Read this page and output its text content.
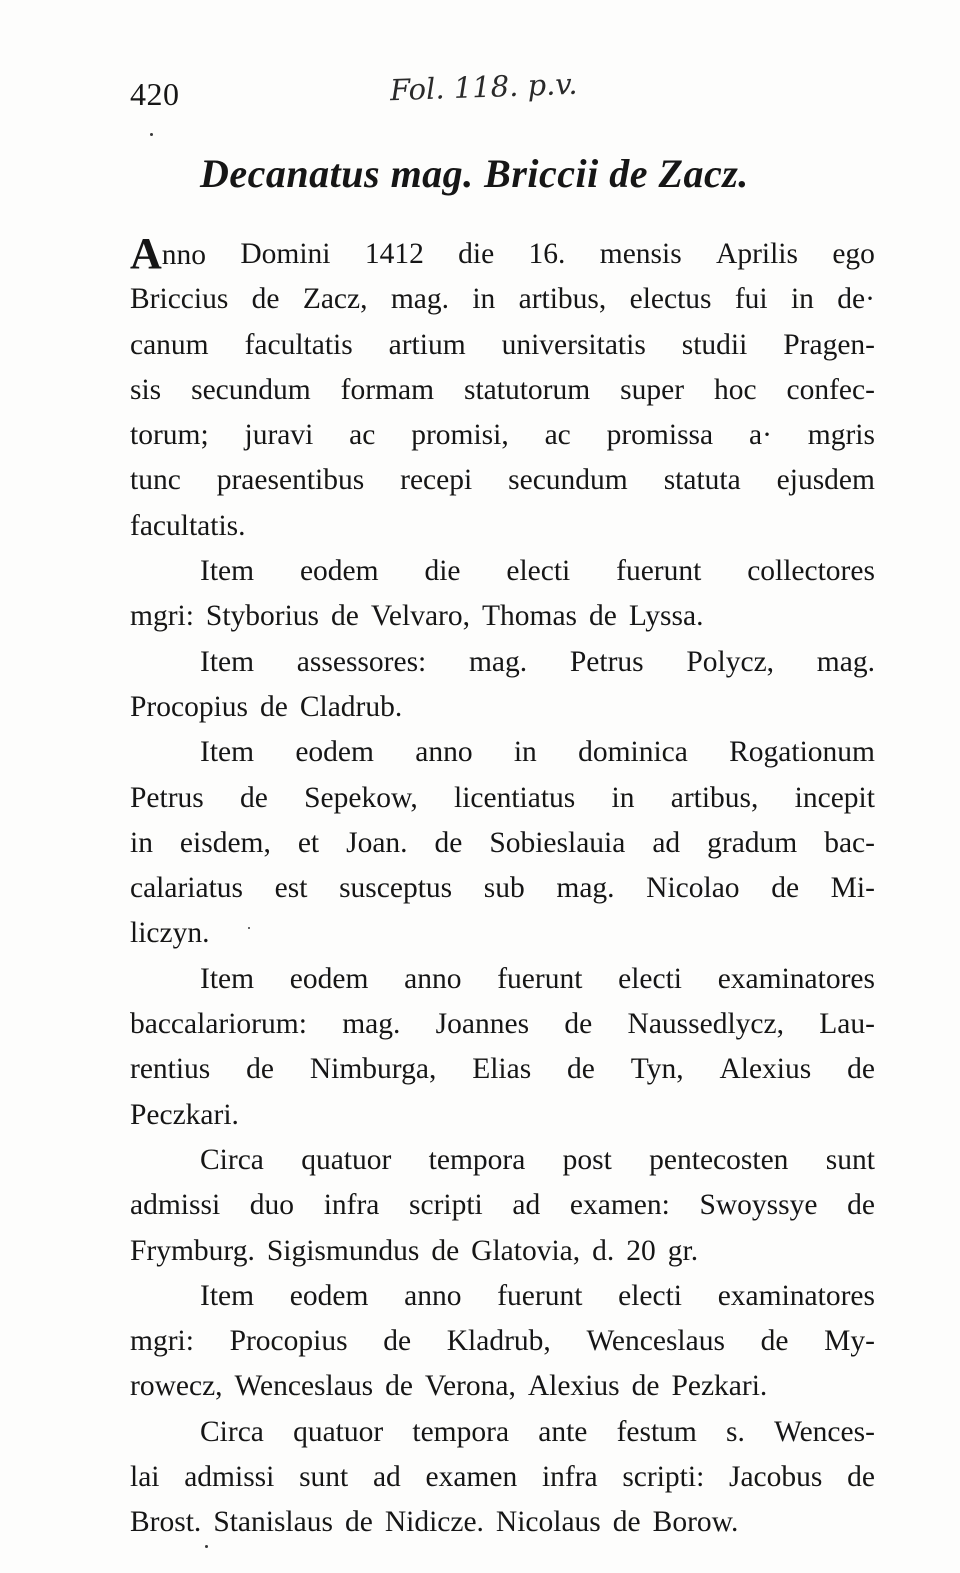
420	Fol. 118. p.v.
Decanatus mag. Briccii de Zacz.
Anno Domini 1412 die 16. mensis Aprilis ego
Briccius de Zacz, mag. in artibus, electus fui in de·
canum facultatis artium universitatis studii Pragen-
sis secundum formam statutorum super hoc confec-
torum; juravi ac promisi, ac promissa a· mgris
tunc praesentibus recepi secundum statuta ejusdem
facultatis.
Item eodem die electi fuerunt collectores
mgri: Styborius de Velvaro, Thomas de Lyssa.
Item assessores: mag. Petrus Polycz, mag.
Procopius de Cladrub.
Item eodem anno in dominica Rogationum
Petrus de Sepekow, licentiatus in artibus, incepit
in eisdem, et Joan. de Sobieslauia ad gradum bac-
calariatus est susceptus sub mag. Nicolao de Mi-
liczyn.
Item eodem anno fuerunt electi examinatores
baccalariorum: mag. Joannes de Naussedlycz, Lau-
rentius de Nimburga, Elias de Tyn, Alexius de
Peczkari.
Circa quatuor tempora post pentecosten sunt
admissi duo infra scripti ad examen: Swoyssye de
Frymburg. Sigismundus de Glatovia, d. 20 gr.
Item eodem anno fuerunt electi examinatores
mgri: Procopius de Kladrub, Wenceslaus de My-
rowecz, Wenceslaus de Verona, Alexius de Pezkari.
Circa quatuor tempora ante festum s. Wences-
lai admissi sunt ad examen infra scripti: Jacobus de
Brost. Stanislaus de Nidicze. Nicolaus de Borow.
